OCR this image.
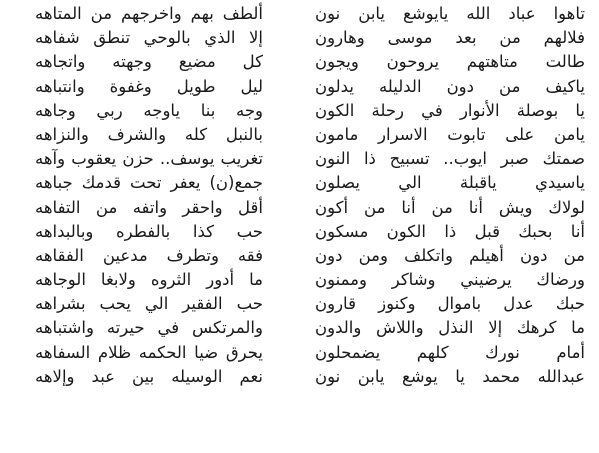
تاهوا عباد الله يايوشع يابن نون
فلالهم من بعد موسى وهارون
طالت متاهتهم يروحون ويجون
ياكيف من دون الدليله يدلون
يا بوصلة الأنوار في رحلة الكون
يامن على تابوت الاسرار مامون
صمتك صبر ايوب.. تسبيح ذا النون
ياسيدي ياقبلة الي يصلون
لولاك ويش أنا من أنا من أكون
أنا بحبك قبل ذا الكون مسكون
من دون أهيلم واتكلف ومن دون
ورضاك يرضيني وشاكر وممنون
حبك عدل باموال وكنوز قارون
ما كرهك إلا النذل واللاش والدون
أمام نورك كلهم يضمحلون
عبدالله محمد يا يوشع يابن نون
ألطف بهم واخرجهم من المتاهه
إلا الذي بالوحي تنطق شفاهه
كل مضيع وجهته واتجاهه
ليل طويل وغفوة وانتباهه
وجه بنا ياوجه ربي وجاهه
بالنبل كله والشرف والنزاهه
تغريب يوسف.. حزن يعقوب وآهه
جمع(ن) يعفر تحت قدمك جباهه
أقل واحقر واتفه من التفاهه
حب كذا بالفطره وبالبداهه
فقه وتطرف مدعين الفقاهه
ما أدور الثروه ولابغا الوجاهه
حب الفقير الي يحب بشراهه
والمرتكس في حيرته واشتباهه
يحرق ضيا الحكمه ظلام السفاهه
نعم الوسيله بين عبد وإلاهه
